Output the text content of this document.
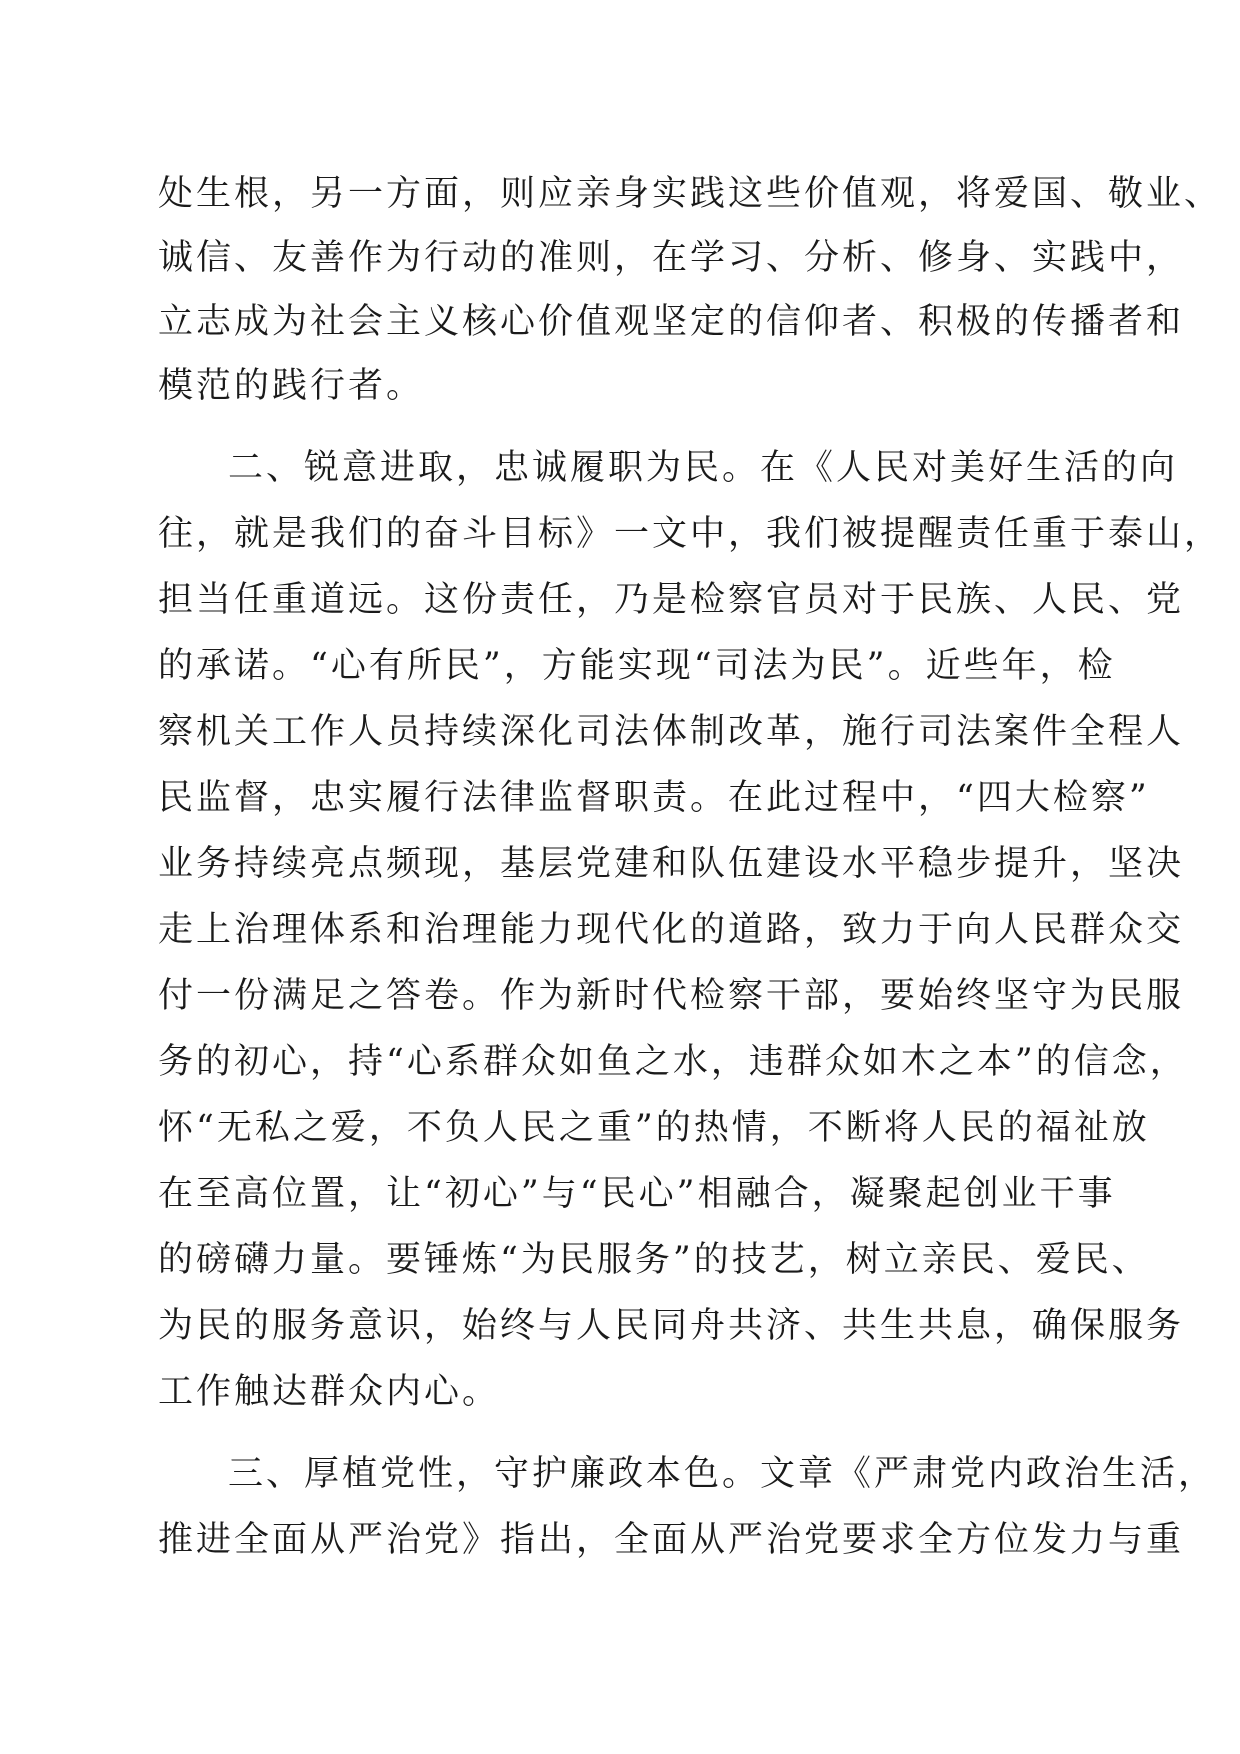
处生根，另一方面，则应亲身实践这些价值观，将爱国、敬业、
诚信、友善作为行动的准则，在学习、分析、修身、实践中，
立志成为社会主义核心价值观坚定的信仰者、积极的传播者和
模范的践行者。
二、锐意进取，忠诚履职为民。在《人民对美好生活的向
往，就是我们的奋斗目标》一文中，我们被提醒责任重于泰山，
担当任重道远。这份责任，乃是检察官员对于民族、人民、党
的承诺。“心有所民”，方能实现“司法为民”。近些年，检
察机关工作人员持续深化司法体制改革，施行司法案件全程人
民监督，忠实履行法律监督职责。在此过程中，“四大检察”
业务持续亮点频现，基层党建和队伍建设水平稳步提升，坚决
走上治理体系和治理能力现代化的道路，致力于向人民群众交
付一份满足之答卷。作为新时代检察干部，要始终坚守为民服
务的初心，持“心系群众如鱼之水，违群众如木之本”的信念，
怀“无私之爱，不负人民之重”的热情，不断将人民的福祉放
在至高位置，让“初心”与“民心”相融合，凝聚起创业干事
的磅礴力量。要锤炼“为民服务”的技艺，树立亲民、爱民、
为民的服务意识，始终与人民同舟共济、共生共息，确保服务
工作触达群众内心。
三、厚植党性，守护廉政本色。文章《严肃党内政治生活，
推进全面从严治党》指出，全面从严治党要求全方位发力与重
